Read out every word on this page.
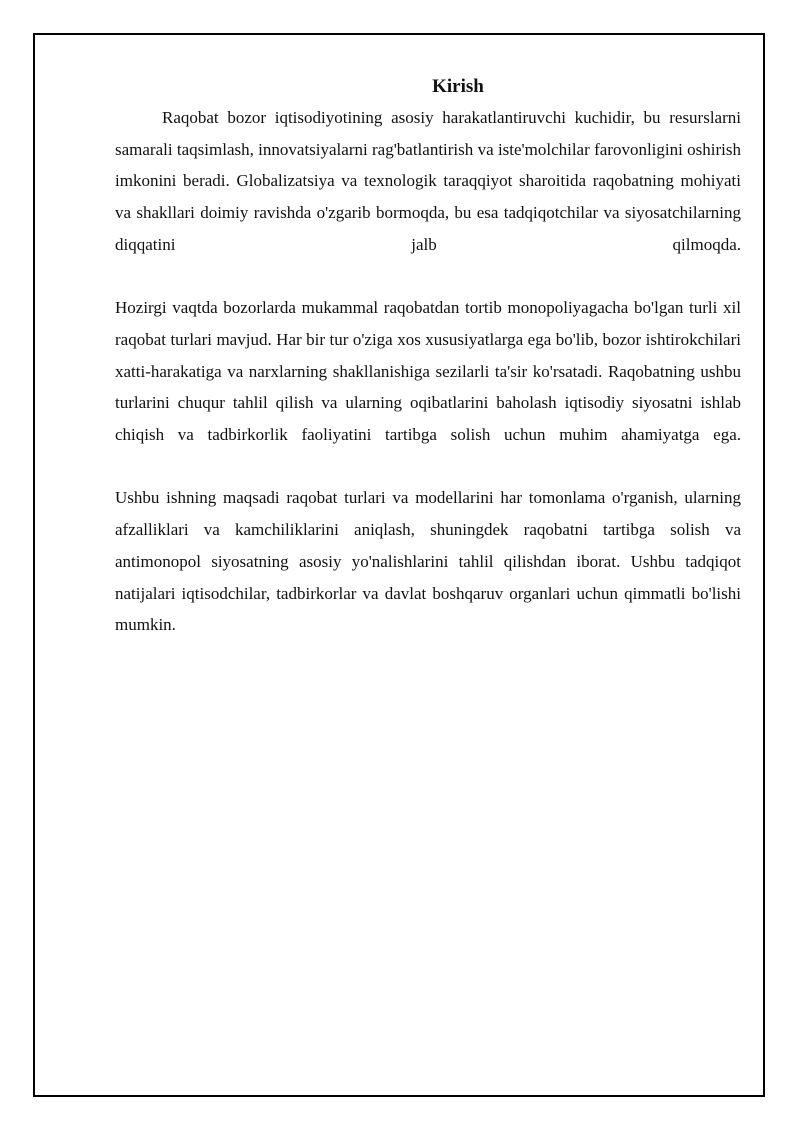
Kirish

Raqobat bozor iqtisodiyotining asosiy harakatlantiruvchi kuchidir, bu resurslarni samarali taqsimlash, innovatsiyalarni rag'batlantirish va iste'molchilar farovonligini oshirish imkonini beradi. Globalizatsiya va texnologik taraqqiyot sharoitida raqobatning mohiyati va shakllari doimiy ravishda o'zgarib bormoqda, bu esa tadqiqotchilar va siyosatchilarning diqqatini jalb qilmoqda.

Hozirgi vaqtda bozorlarda mukammal raqobatdan tortib monopoliyagacha bo'lgan turli xil raqobat turlari mavjud. Har bir tur o'ziga xos xususiyatlarga ega bo'lib, bozor ishtirokchilari xatti-harakatiga va narxlarning shakllanishiga sezilarli ta'sir ko'rsatadi. Raqobatning ushbu turlarini chuqur tahlil qilish va ularning oqibatlarini baholash iqtisodiy siyosatni ishlab chiqish va tadbirkorlik faoliyatini tartibga solish uchun muhim ahamiyatga ega.

Ushbu ishning maqsadi raqobat turlari va modellarini har tomonlama o'rganish, ularning afzalliklari va kamchiliklarini aniqlash, shuningdek raqobatni tartibga solish va antimonopol siyosatning asosiy yo'nalishlarini tahlil qilishdan iborat. Ushbu tadqiqot natijalari iqtisodchilar, tadbirkorlar va davlat boshqaruv organlari uchun qimmatli bo'lishi mumkin.
